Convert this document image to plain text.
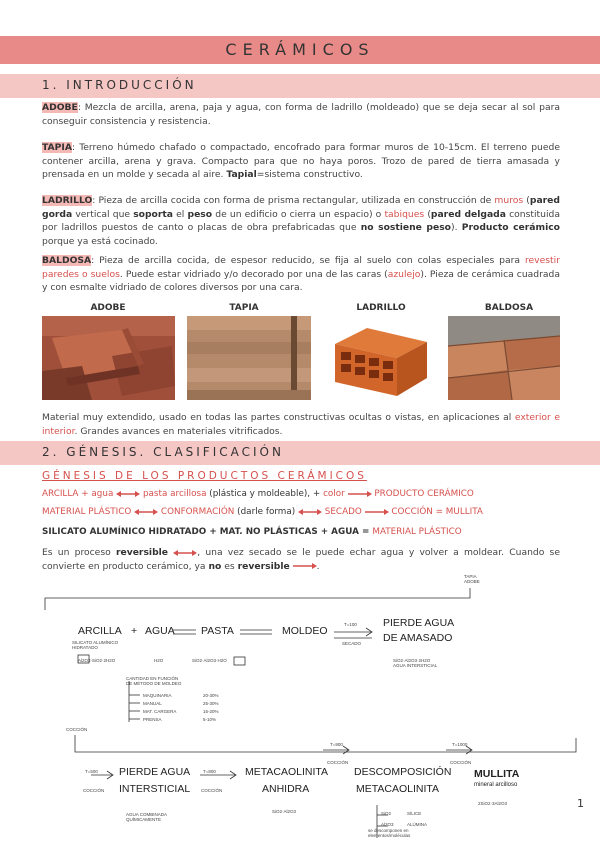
CERÁMICOS
1. INTRODUCCIÓN
ADOBE: Mezcla de arcilla, arena, paja y agua, con forma de ladrillo (moldeado) que se deja secar al sol para conseguir consistencia y resistencia.
TAPIA: Terreno húmedo chafado o compactado, encofrado para formar muros de 10-15cm. El terreno puede contener arcilla, arena y grava. Compacto para que no haya poros. Trozo de pared de tierra amasada y prensada en un molde y secada al aire. Tapial=sistema constructivo.
LADRILLO: Pieza de arcilla cocida con forma de prisma rectangular, utilizada en construcción de muros (pared gorda vertical que soporta el peso de un edificio o cierra un espacio) o tabiques (pared delgada constituida por ladrillos puestos de canto o placas de obra prefabricadas que no sostiene peso). Producto cerámico porque ya está cocinado.
BALDOSA: Pieza de arcilla cocida, de espesor reducido, se fija al suelo con colas especiales para revestir paredes o suelos. Puede estar vidriado y/o decorado por una de las caras (azulejo). Pieza de cerámica cuadrada y con esmalte vidriado de colores diversos por una cara.
ADOBE	TAPIA	LADRILLO	BALDOSA
Material muy extendido, usado en todas las partes constructivas ocultas o vistas, en aplicaciones al exterior e interior. Grandes avances en materiales vitrificados.
2. GÉNESIS. CLASIFICACIÓN
GÉNESIS DE LOS PRODUCTOS CERÁMICOS
ARCILLA + agua	pasta arcillosa (plástica y moldeable), + color	PRODUCTO CERÁMICO
MATERIAL PLÁSTICO	CONFORMACIÓN (darle forma)	SECADO	COCCIÓN = MULLITA
SILICATO ALUMÍNICO HIDRATADO + MAT. NO PLÁSTICAS + AGUA = MATERIAL PLÁSTICO
Es un proceso reversible	, una vez secado se le puede echar agua y volver a moldear. Cuando se convierte en producto cerámico, ya no es reversible	.
TAPIA
ADOBE
ARCILLA + AGUA PASTA	MOLDEO
T=100
SECADO
PIERDE AGUA
DE AMASADO
SILICATO ALUMÍNICO
HIDRATADO
Al2O3·SiO2·2H2O	H2O	SiO2·Al2O3·H2O	SiO2·Al2O3·2H2O
AGUA INTERSTICIAL
CANTIDAD EN FUNCIÓN
DE MÉTODO DE MOLDEO
MAQUINARIA
MANUAL
MAT. CARGERA
PRENSA
20-30%
25-30%
15-20%
5-10%
COCCIÓN
T=500
COCCIÓN
PIERDE AGUA
INTERSTICIAL
T=800
COCCIÓN
METACAOLINITA
ANHIDRA
T=900
COCCIÓN
DESCOMPOSICIÓN
METACAOLINITA
T=1000
COCCIÓN
MULLITA
mineral arcilloso
2SiO2·3Al2O3
AGUA COMBINADA
QUÍMICAMENTE
SiO2·Al2O3	SiO2	SÍLICE
Al2O3	ALÚMINA
se descomponen en
elementos/moléculas
1
